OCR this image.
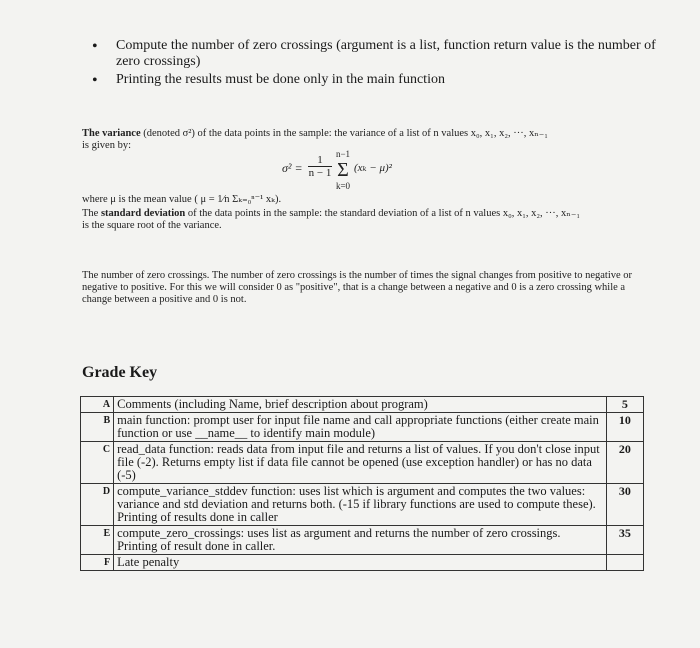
•	Compute the number of zero crossings (argument is a list, function return value is the number of zero crossings)
•	Printing the results must be done only in the main function

The variance (denoted σ²) of the data points in the sample: the variance of a list of n values x₀, x₁, x₂, ···, xₙ₋₁

is given by:

$\sigma^2 = \frac{1}{n - 1} n-1$
Σ
k=0
(xₖ − μ)²

where μ is the mean value ( μ = 1⁄n Σₖ₌₀ⁿ⁻¹ xₖ).

The standard deviation of the data points in the sample: the standard deviation of a list of n values x₀, x₁, x₂, ···, xₙ₋₁

is the square root of the variance.

The number of zero crossings. The number of zero crossings is the number of times the signal changes from positive to negative or negative to positive. For this we will consider 0 as "positive", that is a change between a negative and 0 is a zero crossing while a change between a positive and 0 is not.
Grade Key
A	Comments (including Name, brief description about program)	5
B	main function: prompt user for input file name and call appropriate functions (either create main function or use __name__ to identify main module)	10
C	read_data function: reads data from input file and returns a list of values. If you don't close input file (-2). Returns empty list if data file cannot be opened (use exception handler) or has no data (-5)	20
D	compute_variance_stddev function: uses list which is argument and computes the two values: variance and std deviation and returns both. (-15 if library functions are used to compute these). Printing of results done in caller	30
E	compute_zero_crossings: uses list as argument and returns the number of zero crossings. Printing of result done in caller.	35
F	Late penalty	
